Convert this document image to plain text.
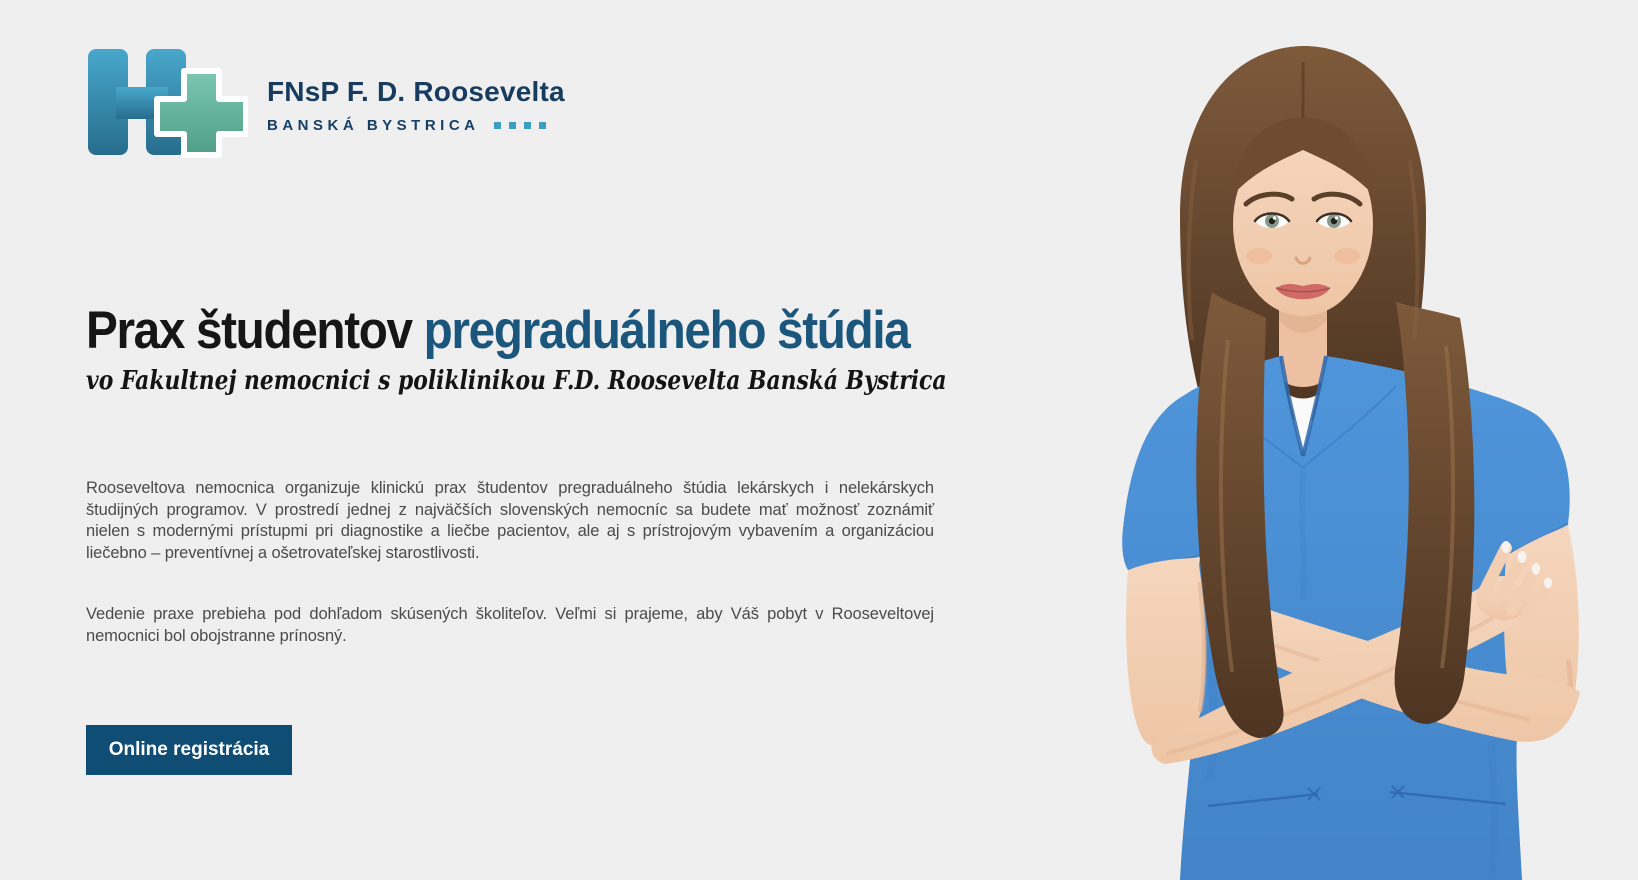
FNsP F. D. Roosevelta
BANSKÁ BYSTRICA
Prax študentov pregraduálneho štúdia
vo Fakultnej nemocnici s poliklinikou F.D. Roosevelta Banská Bystrica

Rooseveltova nemocnica organizuje klinickú prax študentov pregraduálneho štúdia lekárskych i nelekárskych študijných programov. V prostredí jednej z najväčších slovenských nemocníc sa budete mať možnosť zoznámiť nielen s modernými prístupmi pri diagnostike a liečbe pacientov, ale aj s prístrojovým vybavením a organizáciou liečebno – preventívnej a ošetrovateľskej starostlivosti.

Vedenie praxe prebieha pod dohľadom skúsených školiteľov. Veľmi si prajeme, aby Váš pobyt v Rooseveltovej nemocnici bol obojstranne prínosný.

Online registrácia
